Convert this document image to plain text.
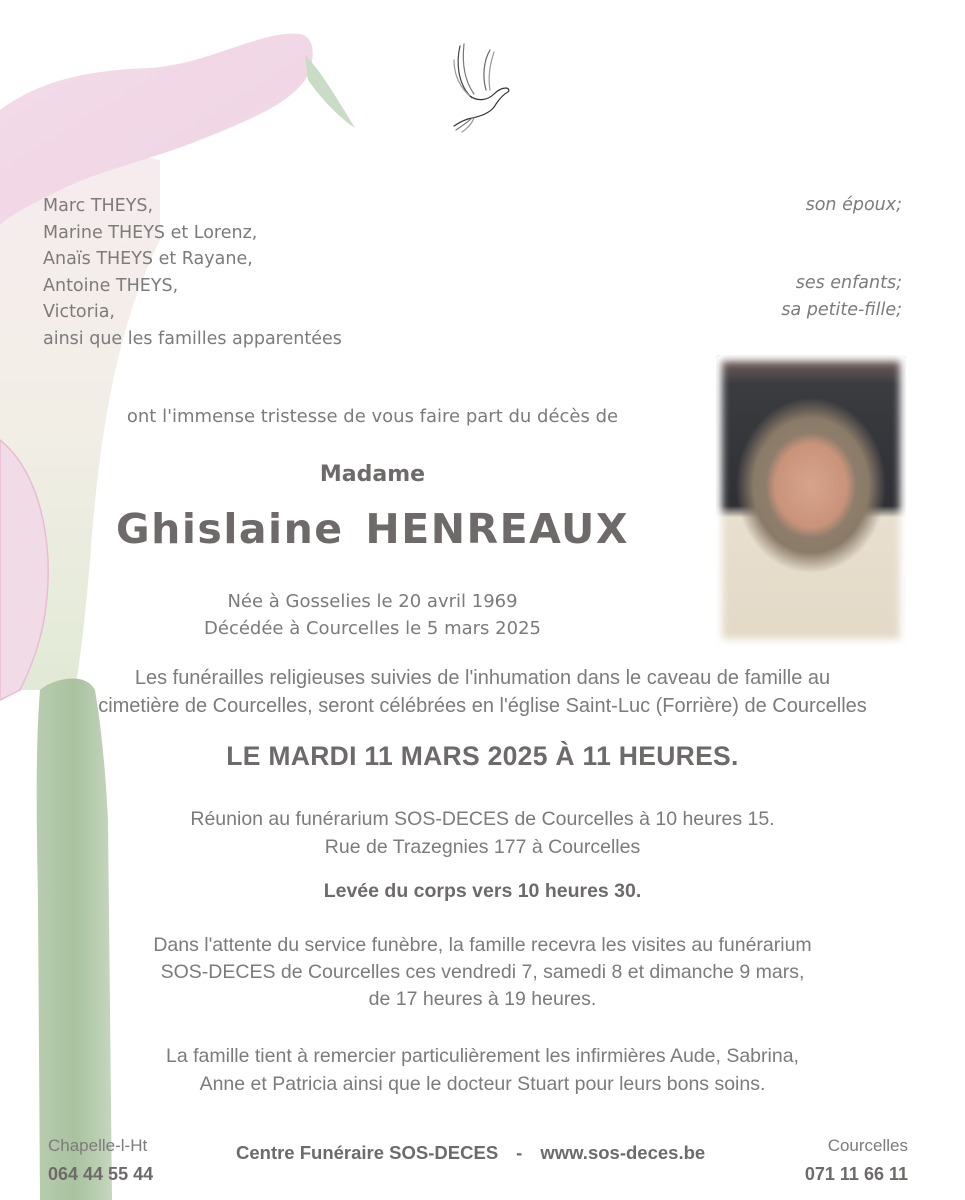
Marc THEYS,
Marine THEYS et Lorenz,
Anaïs THEYS et Rayane,
Antoine THEYS,
Victoria,
ainsi que les familles apparentées
son époux;
ses enfants;
sa petite-fille;
ont l'immense tristesse de vous faire part du décès de
Madame
Ghislaine HENREAUX
Née à Gosselies le 20 avril 1969
Décédée à Courcelles le 5 mars 2025
Les funérailles religieuses suivies de l'inhumation dans le caveau de famille au
cimetière de Courcelles, seront célébrées en l'église Saint-Luc (Forrière) de Courcelles
LE MARDI 11 MARS 2025 À 11 HEURES.
Réunion au funérarium SOS-DECES de Courcelles à 10 heures 15.
Rue de Trazegnies 177 à Courcelles
Levée du corps vers 10 heures 30.
Dans l'attente du service funèbre, la famille recevra les visites au funérarium
SOS-DECES de Courcelles ces vendredi 7, samedi 8 et dimanche 9 mars,
de 17 heures à 19 heures.
La famille tient à remercier particulièrement les infirmières Aude, Sabrina,
Anne et Patricia ainsi que le docteur Stuart pour leurs bons soins.
Chapelle-l-Ht
064 44 55 44
Centre Funéraire SOS-DECES - www.sos-deces.be	Courcelles
071 11 66 11
